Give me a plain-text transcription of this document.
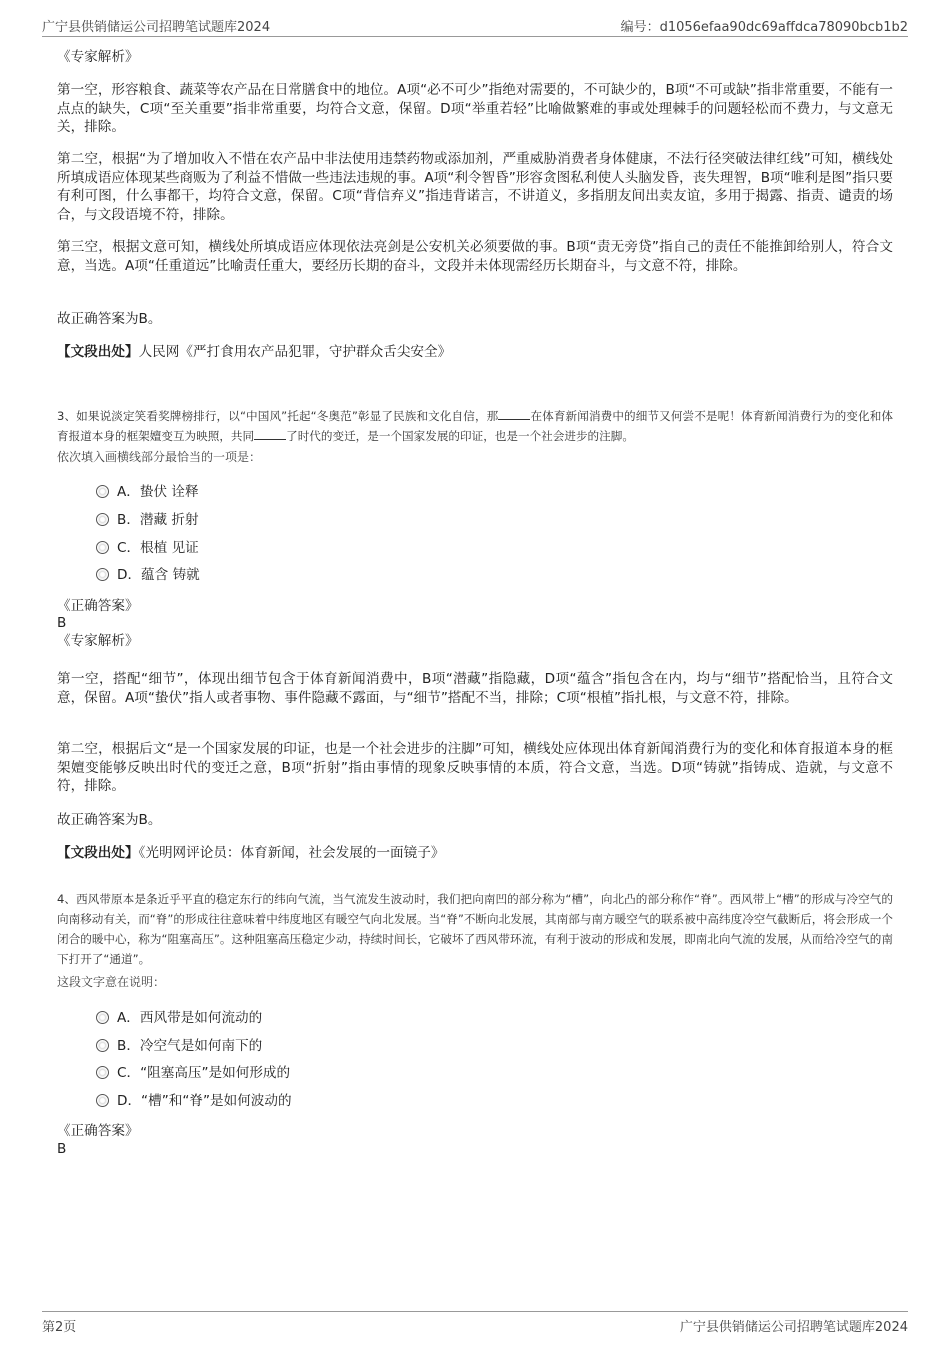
广宁县供销储运公司招聘笔试题库2024	编号：d1056efaa90dc69affdca78090bcb1b2
《专家解析》

第一空，形容粮食、蔬菜等农产品在日常膳食中的地位。A项“必不可少”指绝对需要的，不可缺少的，B项“不可或缺”指非常重要，不能有一点点的缺失，C项“至关重要”指非常重要，均符合文意，保留。D项“举重若轻”比喻做繁难的事或处理棘手的问题轻松而不费力，与文意无关，排除。

第二空，根据“为了增加收入不惜在农产品中非法使用违禁药物或添加剂，严重威胁消费者身体健康，不法行径突破法律红线”可知，横线处所填成语应体现某些商贩为了利益不惜做一些违法违规的事。A项“利令智昏”形容贪图私利使人头脑发昏，丧失理智，B项“唯利是图”指只要有利可图，什么事都干，均符合文意，保留。C项“背信弃义”指违背诺言，不讲道义，多指朋友间出卖友谊，多用于揭露、指责、谴责的场合，与文段语境不符，排除。

第三空，根据文意可知，横线处所填成语应体现依法亮剑是公安机关必须要做的事。B项“责无旁贷”指自己的责任不能推卸给别人，符合文意，当选。A项“任重道远”比喻责任重大，要经历长期的奋斗，文段并未体现需经历长期奋斗，与文意不符，排除。

故正确答案为B。

【文段出处】人民网《严打食用农产品犯罪，守护群众舌尖安全》

3、如果说淡定笑看奖牌榜排行，以“中国风”托起“冬奥范”彰显了民族和文化自信，那	在体育新闻消费中的细节又何尝不是呢！体育新闻消费行为的变化和体育报道本身的框架嬗变互为映照，共同	了时代的变迁，是一个国家发展的印证，也是一个社会进步的注脚。

依次填入画横线部分最恰当的一项是：
A．蛰伏 诠释
B．潜藏 折射
C．根植 见证
D．蕴含 铸就
《正确答案》
B
《专家解析》

第一空，搭配“细节”，体现出细节包含于体育新闻消费中，B项“潜藏”指隐藏，D项“蕴含”指包含在内，均与“细节”搭配恰当，且符合文意，保留。A项“蛰伏”指人或者事物、事件隐藏不露面，与“细节”搭配不当，排除；C项“根植”指扎根，与文意不符，排除。

第二空，根据后文“是一个国家发展的印证，也是一个社会进步的注脚”可知，横线处应体现出体育新闻消费行为的变化和体育报道本身的框架嬗变能够反映出时代的变迁之意，B项“折射”指由事情的现象反映事情的本质，符合文意，当选。D项“铸就”指铸成、造就，与文意不符，排除。

故正确答案为B。

【文段出处】《光明网评论员：体育新闻，社会发展的一面镜子》

4、西风带原本是条近乎平直的稳定东行的纬向气流，当气流发生波动时，我们把向南凹的部分称为“槽”，向北凸的部分称作“脊”。西风带上“槽”的形成与冷空气的向南移动有关，而“脊”的形成往往意味着中纬度地区有暖空气向北发展。当“脊”不断向北发展，其南部与南方暖空气的联系被中高纬度冷空气截断后，将会形成一个闭合的暖中心，称为“阻塞高压”。这种阻塞高压稳定少动，持续时间长，它破坏了西风带环流，有利于波动的形成和发展，即南北向气流的发展，从而给冷空气的南下打开了“通道”。

这段文字意在说明：
A．西风带是如何流动的
B．冷空气是如何南下的
C．“阻塞高压”是如何形成的
D．“槽”和“脊”是如何波动的
《正确答案》
B
第2页	广宁县供销储运公司招聘笔试题库2024
